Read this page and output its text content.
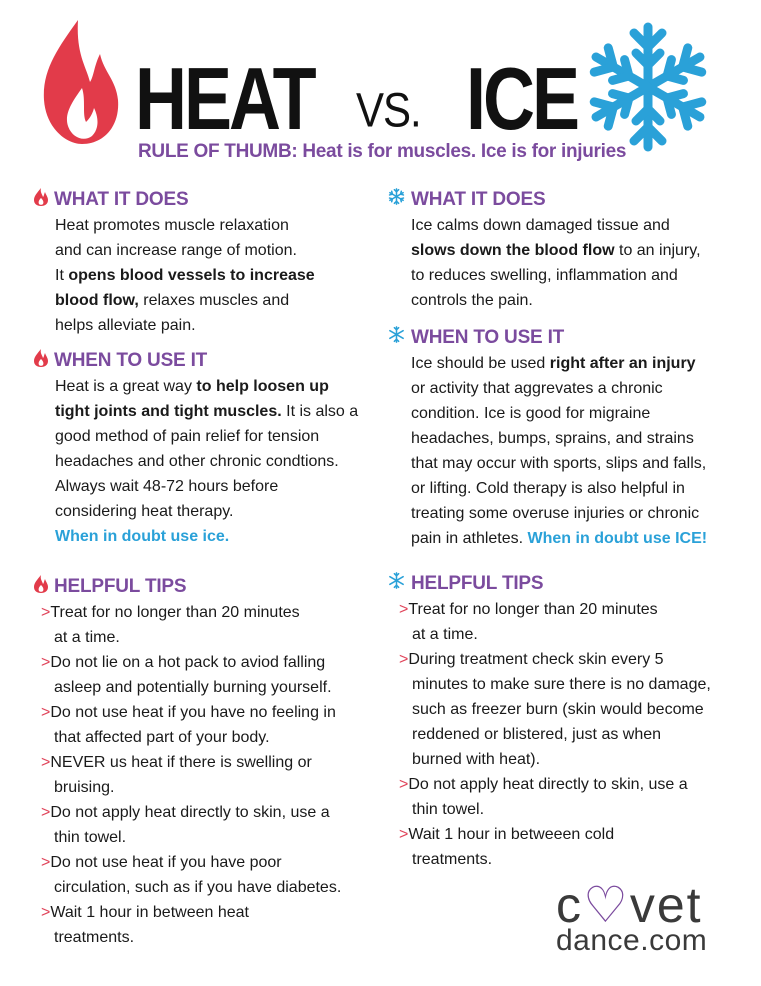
HEAT VS. ICE
RULE OF THUMB: Heat is for muscles. Ice is for injuries
WHAT IT DOES
Heat promotes muscle relaxation
and can increase range of motion.
It opens blood vessels to increase
blood flow, relaxes muscles and
helps alleviate pain.
WHEN TO USE IT
Heat is a great way to help loosen up
tight joints and tight muscles. It is also a
good method of pain relief for tension
headaches and other chronic condtions.
Always wait 48-72 hours before
considering heat therapy.
When in doubt use ice.
HELPFUL TIPS
>Treat for no longer than 20 minutes

at a time.
>Do not lie on a hot pack to aviod falling

asleep and potentially burning yourself.
>Do not use heat if you have no feeling in

that affected part of your body.
>NEVER us heat if there is swelling or

bruising.
>Do not apply heat directly to skin, use a

thin towel.
>Do not use heat if you have poor

circulation, such as if you have diabetes.
>Wait 1 hour in between heat

treatments.
WHAT IT DOES
Ice calms down damaged tissue and
slows down the blood flow to an injury,
to reduces swelling, inflammation and
controls the pain.
WHEN TO USE IT
Ice should be used right after an injury
or activity that aggrevates a chronic
condition. Ice is good for migraine
headaches, bumps, sprains, and strains
that may occur with sports, slips and falls,
or lifting. Cold therapy is also helpful in
treating some overuse injuries or chronic
pain in athletes. When in doubt use ICE!
HELPFUL TIPS
>Treat for no longer than 20 minutes

at a time.
>During treatment check skin every 5

minutes to make sure there is no damage,
such as freezer burn (skin would become
reddened or blistered, just as when
burned with heat).
>Do not apply heat directly to skin, use a

thin towel.
>Wait 1 hour in betweeen cold

treatments.
c♡vet
dance.com
